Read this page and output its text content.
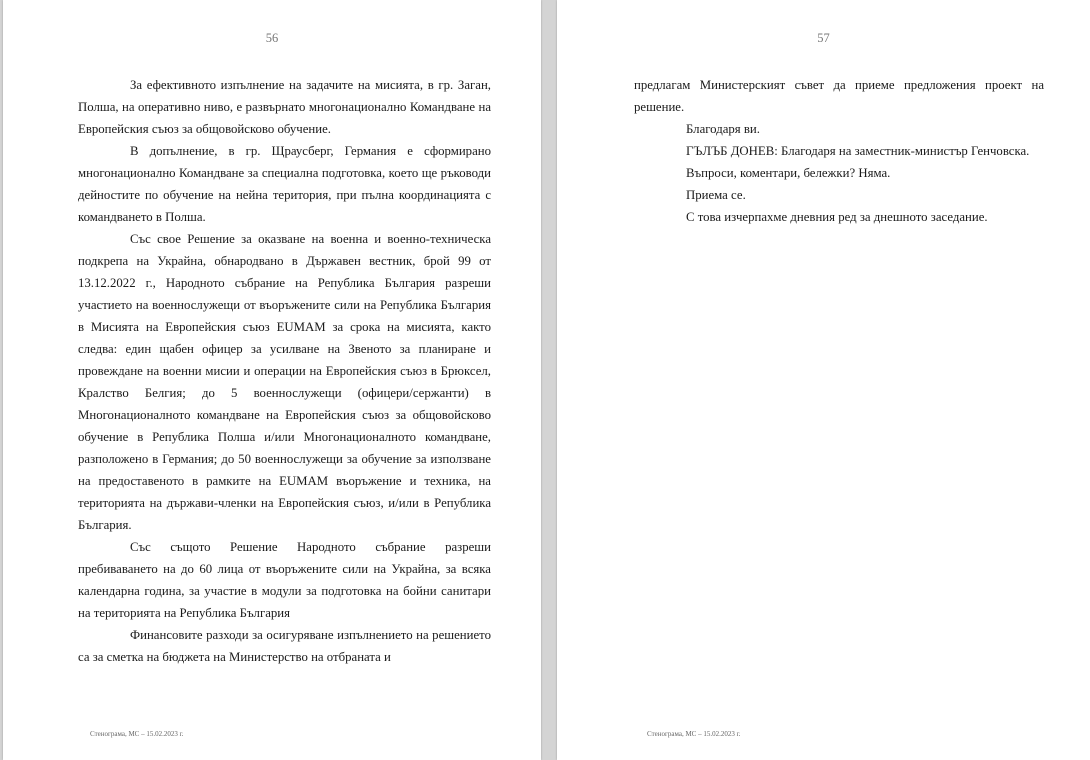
56

За ефективното изпълнение на задачите на мисията, в гр. Заган, Полша, на оперативно ниво, е развърнато многонационално Командване на Европейския съюз за общовойсково обучение.

В допълнение, в гр. Щраусберг, Германия е сформирано многонационално Командване за специална подготовка, което ще ръководи дейностите по обучение на нейна територия, при пълна координацията с командването в Полша.

Със свое Решение за оказване на военна и военно-техническа подкрепа на Украйна, обнародвано в Държавен вестник, брой 99 от 13.12.2022 г., Народното събрание на Република България разреши участието на военнослужещи от въоръжените сили на Република България в Мисията на Европейския съюз EUMAM за срока на мисията, както следва: един щабен офицер за усилване на Звеното за планиране и провеждане на военни мисии и операции на Европейския съюз в Брюксел, Кралство Белгия; до 5 военнослужещи (офицери/сержанти) в Многонационалното командване на Европейския съюз за общовойсково обучение в Република Полша и/или Многонационалното командване, разположено в Германия; до 50 военнослужещи за обучение за използване на предоставеното в рамките на EUMAM въоръжение и техника, на територията на държави-членки на Европейския съюз, и/или в Република България.

Със същото Решение Народното събрание разреши пребиваването на до 60 лица от въоръжените сили на Украйна, за всяка календарна година, за участие в модули за подготовка на бойни санитари на територията на Република България

Финансовите разходи за осигуряване изпълнението на решението са за сметка на бюджета на Министерство на отбраната и

Стенограма, МС – 15.02.2023 г.
57

предлагам Министерският съвет да приеме предложения проект на решение.

Благодаря ви.

ГЪЛЪБ ДОНЕВ: Благодаря на заместник-министър Генчовска.

Въпроси, коментари, бележки? Няма.

Приема се.

С това изчерпахме дневния ред за днешното заседание.

Стенограма, МС – 15.02.2023 г.
